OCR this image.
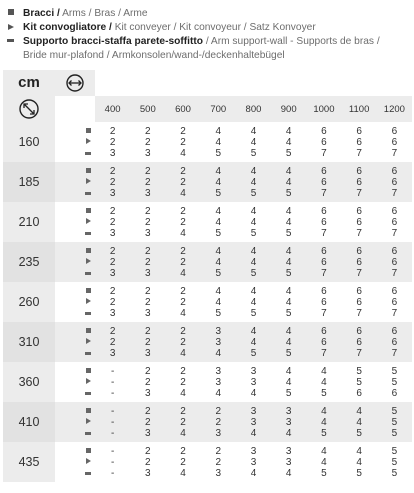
Bracci / Arms / Bras / Arme
Kit convogliatore / Kit conveyer / Kit convoyeur / Satz Konvoyer
Supporto bracci-staffa parete-soffitto / Arm support-wall - Supports de bras /
Bride mur-plafond / Armkonsolen/wand-/deckenhaltebügel
cm	

		400	500	600	700	800	900	1000	1100	1200
160		2
2
3	2
2
3	2
2
4	4
4
5	4
4
5	4
4
5	6
6
7	6
6
7	6
6
7

185		2
2
3	2
2
3	2
2
4	4
4
5	4
4
5	4
4
5	6
6
7	6
6
7	6
6
7

210		2
2
3	2
2
3	2
2
4	4
4
5	4
4
5	4
4
5	6
6
7	6
6
7	6
6
7

235		2
2
3	2
2
3	2
2
4	4
4
5	4
4
5	4
4
5	6
6
7	6
6
7	6
6
7

260		2
2
3	2
2
3	2
2
4	4
4
5	4
4
5	4
4
5	6
6
7	6
6
7	6
6
7

310		2
2
3	2
2
3	2
2
4	3
3
4	4
4
5	4
4
5	6
6
7	6
6
7	6
6
7

360		-
-
-	2
2
3	2
2
4	3
3
4	3
3
4	4
4
5	4
4
5	5
5
6	5
5
6

410		-
-
-	2
2
3	2
2
4	2
2
3	3
3
4	3
3
4	4
4
5	4
4
5	5
5
5

435		-
-
-	2
2
3	2
2
4	2
2
3	3
3
4	3
3
4	4
4
5	4
4
5	5
5
5
